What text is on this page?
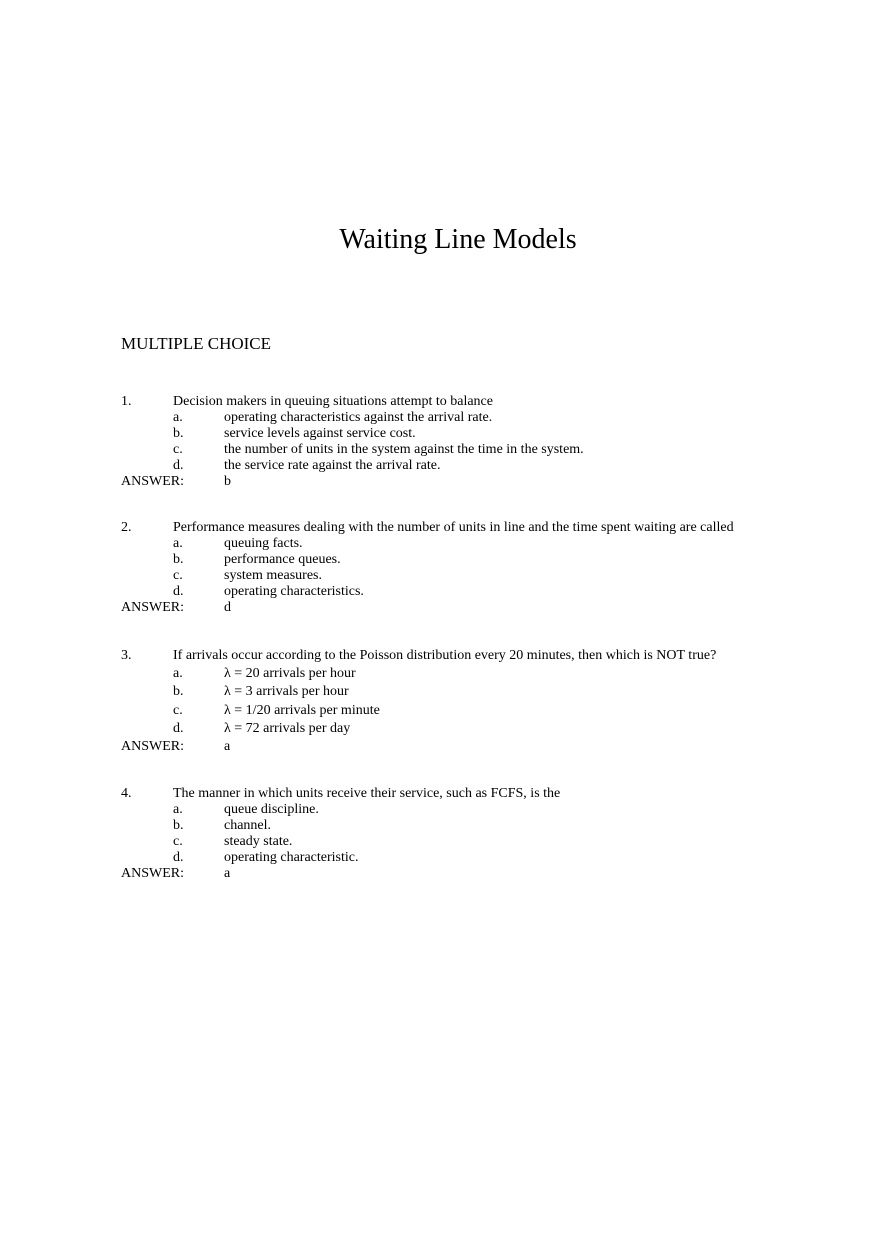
Waiting Line Models
MULTIPLE CHOICE
1.	Decision makers in queuing situations attempt to balance
a.	operating characteristics against the arrival rate.
b.	service levels against service cost.
c.	the number of units in the system against the time in the system.
d.	the service rate against the arrival rate.
ANSWER:	b
2.	Performance measures dealing with the number of units in line and the time spent waiting are called
a.	queuing facts.
b.	performance queues.
c.	system measures.
d.	operating characteristics.
ANSWER:	d
3.	If arrivals occur according to the Poisson distribution every 20 minutes, then which is NOT true?
a.	λ = 20 arrivals per hour
b.	λ = 3 arrivals per hour
c.	λ = 1/20 arrivals per minute
d.	λ = 72 arrivals per day
ANSWER:	a
4.	The manner in which units receive their service, such as FCFS, is the
a.	queue discipline.
b.	channel.
c.	steady state.
d.	operating characteristic.
ANSWER:	a
